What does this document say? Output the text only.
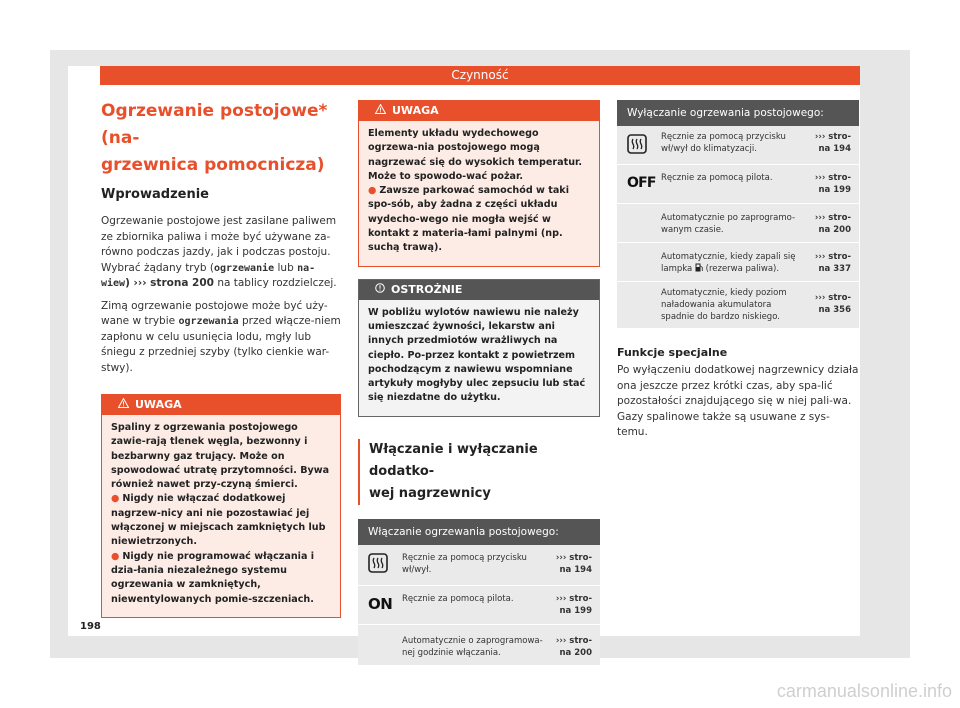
Czynność
Ogrzewanie postojowe* (na-
grzewnica pomocnicza)
Wprowadzenie

Ogrzewanie postojowe jest zasilane paliwem ze zbiornika paliwa i może być używane za-równo podczas jazdy, jak i podczas postoju. Wybrać żądany tryb (ogrzewanie lub na-wiew) ››› strona 200 na tablicy rozdzielczej.

Zimą ogrzewanie postojowe może być uży-wane w trybie ogrzewania przed włącze-niem zapłonu w celu usunięcia lodu, mgły lub śniegu z przedniej szyby (tylko cienkie war-stwy).

UWAGA

Spaliny z ogrzewania postojowego zawie-rają tlenek węgla, bezwonny i bezbarwny gaz trujący. Może on spowodować utratę przytomności. Bywa również nawet przy-czyną śmierci.

● Nigdy nie włączać dodatkowej nagrzew-nicy ani nie pozostawiać jej włączonej w miejscach zamkniętych lub niewietrzonych.

● Nigdy nie programować włączania i dzia-łania niezależnego systemu ogrzewania w zamkniętych, niewentylowanych pomie-szczeniach.

UWAGA

Elementy układu wydechowego ogrzewa-nia postojowego mogą nagrzewać się do wysokich temperatur. Może to spowodo-wać pożar.

● Zawsze parkować samochód w taki spo-sób, aby żadna z części układu wydecho-wego nie mogła wejść w kontakt z materia-łami palnymi (np. suchą trawą).

OSTROŻNIE

W pobliżu wylotów nawiewu nie należy umieszczać żywności, lekarstw ani innych przedmiotów wrażliwych na ciepło. Po-przez kontakt z powietrzem pochodzącym z nawiewu wspomniane artykuły mogłyby ulec zepsuciu lub stać się niezdatne do użytku.

Włączanie i wyłączanie dodatko-
wej nagrzewnicy
Włączanie ogrzewania postojowego:
Ręcznie za pomocą przycisku wł/wył.
››› stro-
na 194
ON Ręcznie za pomocą pilota.	››› stro-
na 199
Automatycznie o zaprogramowa-nej godzinie włączania.
››› stro-
na 200
Wyłączanie ogrzewania postojowego:
Ręcznie za pomocą przycisku wł/wył do klimatyzacji.
››› stro-
na 194
OFF Ręcznie za pomocą pilota.	››› stro-
na 199
Automatycznie po zaprogramo-wanym czasie.
››› stro-
na 200
Automatycznie, kiedy zapali się lampka  (rezerwa paliwa).
››› stro-
na 337
Automatycznie, kiedy poziom naładowania akumulatora spadnie do bardzo niskiego.
››› stro-
na 356
Funkcje specjalne

Po wyłączeniu dodatkowej nagrzewnicy działa ona jeszcze przez krótki czas, aby spa-lić pozostałości znajdującego się w niej pali-wa. Gazy spalinowe także są usuwane z sys-temu.

198
carmanualsonline.info
